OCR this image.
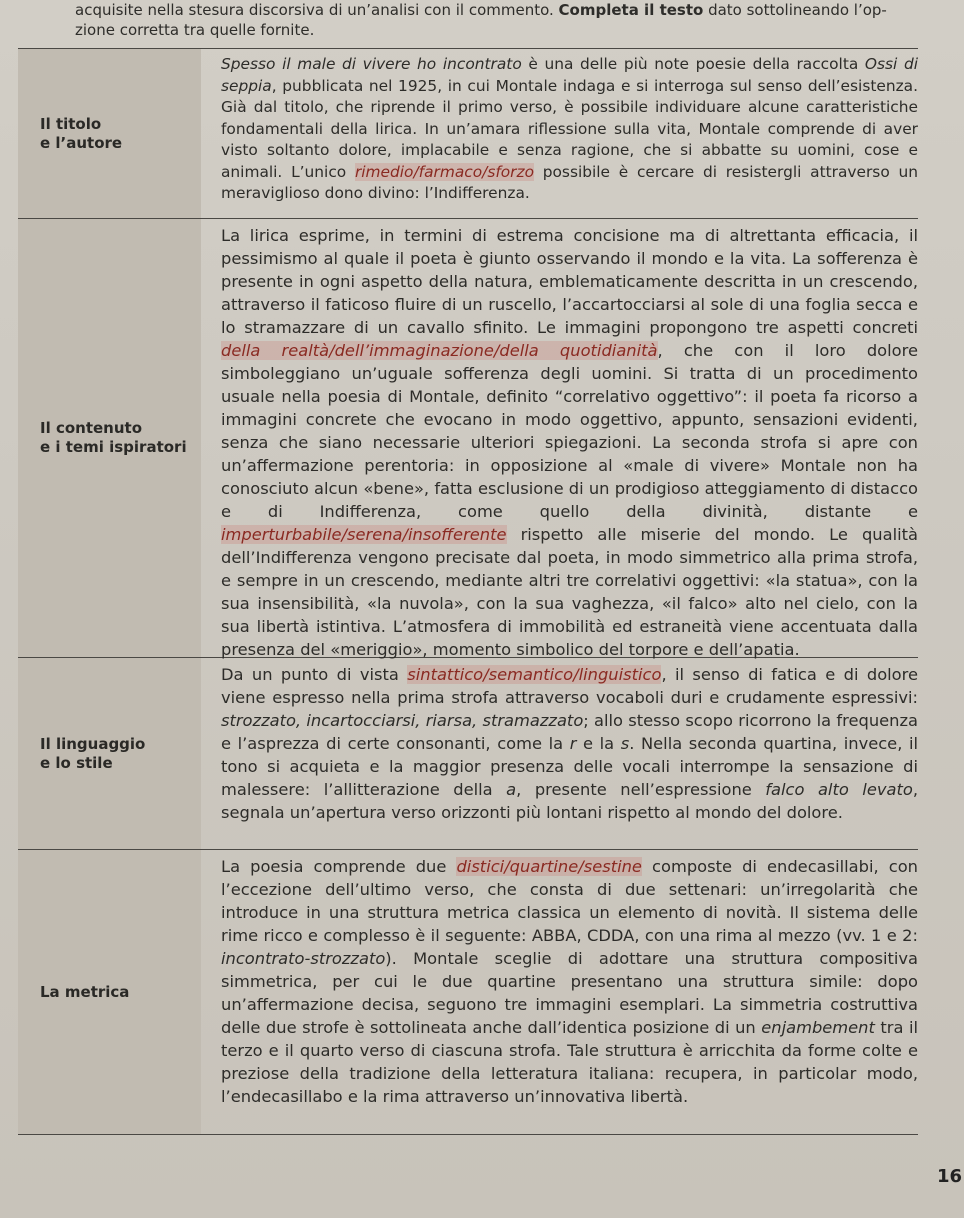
acquisite nella stesura discorsiva di un’analisi con il commento. Completa il testo dato sottolineando l’op-
zione corretta tra quelle fornite.
Il titolo
e l’autore
Spesso il male di vivere ho incontrato è una delle più note poesie della raccolta Ossi di seppia, pubblicata nel 1925, in cui Montale indaga e si interroga sul senso dell’esistenza. Già dal titolo, che riprende il primo verso, è possibile individuare alcune caratteristiche fondamentali della lirica. In un’amara riflessione sulla vita, Montale comprende di aver visto soltanto dolore, implacabile e senza ragione, che si abbatte su uomini, cose e animali. L’unico rimedio/farmaco/sforzo possibile è cercare di resistergli attraverso un meraviglioso dono divino: l’Indifferenza.
Il contenuto
e i temi ispiratori
La lirica esprime, in termini di estrema concisione ma di altrettanta efficacia, il pessimismo al quale il poeta è giunto osservando il mondo e la vita. La sofferenza è presente in ogni aspetto della natura, emblematicamente descritta in un crescendo, attraverso il faticoso fluire di un ruscello, l’accartocciarsi al sole di una foglia secca e lo stramazzare di un cavallo sfinito. Le immagini propongono tre aspetti concreti della realtà/dell’immaginazione/della quotidianità, che con il loro dolore simboleggiano un’uguale sofferenza degli uomini. Si tratta di un procedimento usuale nella poesia di Montale, definito “correlativo oggettivo”: il poeta fa ricorso a immagini concrete che evocano in modo oggettivo, appunto, sensazioni evidenti, senza che siano necessarie ulteriori spiegazioni. La seconda strofa si apre con un’affermazione perentoria: in opposizione al «male di vivere» Montale non ha conosciuto alcun «bene», fatta esclusione di un prodigioso atteggiamento di distacco e di Indifferenza, come quello della divinità, distante e imperturbabile/serena/insofferente rispetto alle miserie del mondo. Le qualità dell’Indifferenza vengono precisate dal poeta, in modo simmetrico alla prima strofa, e sempre in un crescendo, mediante altri tre correlativi oggettivi: «la statua», con la sua insensibilità, «la nuvola», con la sua vaghezza, «il falco» alto nel cielo, con la sua libertà istintiva. L’atmosfera di immobilità ed estraneità viene accentuata dalla presenza del «meriggio», momento simbolico del torpore e dell’apatia.
Il linguaggio
e lo stile
Da un punto di vista sintattico/semantico/linguistico, il senso di fatica e di dolore viene espresso nella prima strofa attraverso vocaboli duri e crudamente espressivi: strozzato, incartocciarsi, riarsa, stramazzato; allo stesso scopo ricorrono la frequenza e l’asprezza di certe consonanti, come la r e la s. Nella seconda quartina, invece, il tono si acquieta e la maggior presenza delle vocali interrompe la sensazione di malessere: l’allitterazione della a, presente nell’espressione falco alto levato, segnala un’apertura verso orizzonti più lontani rispetto al mondo del dolore.
La metrica
La poesia comprende due distici/quartine/sestine composte di endecasillabi, con l’eccezione dell’ultimo verso, che consta di due settenari: un’irregolarità che introduce in una struttura metrica classica un elemento di novità. Il sistema delle rime ricco e complesso è il seguente: ABBA, CDDA, con una rima al mezzo (vv. 1 e 2: incontrato-strozzato). Montale sceglie di adottare una struttura compositiva simmetrica, per cui le due quartine presentano una struttura simile: dopo un’affermazione decisa, seguono tre immagini esemplari. La simmetria costruttiva delle due strofe è sottolineata anche dall’identica posizione di un enjambement tra il terzo e il quarto verso di ciascuna strofa. Tale struttura è arricchita da forme colte e preziose della tradizione della letteratura italiana: recupera, in particolar modo, l’endecasillabo e la rima attraverso un’innovativa libertà.
16
